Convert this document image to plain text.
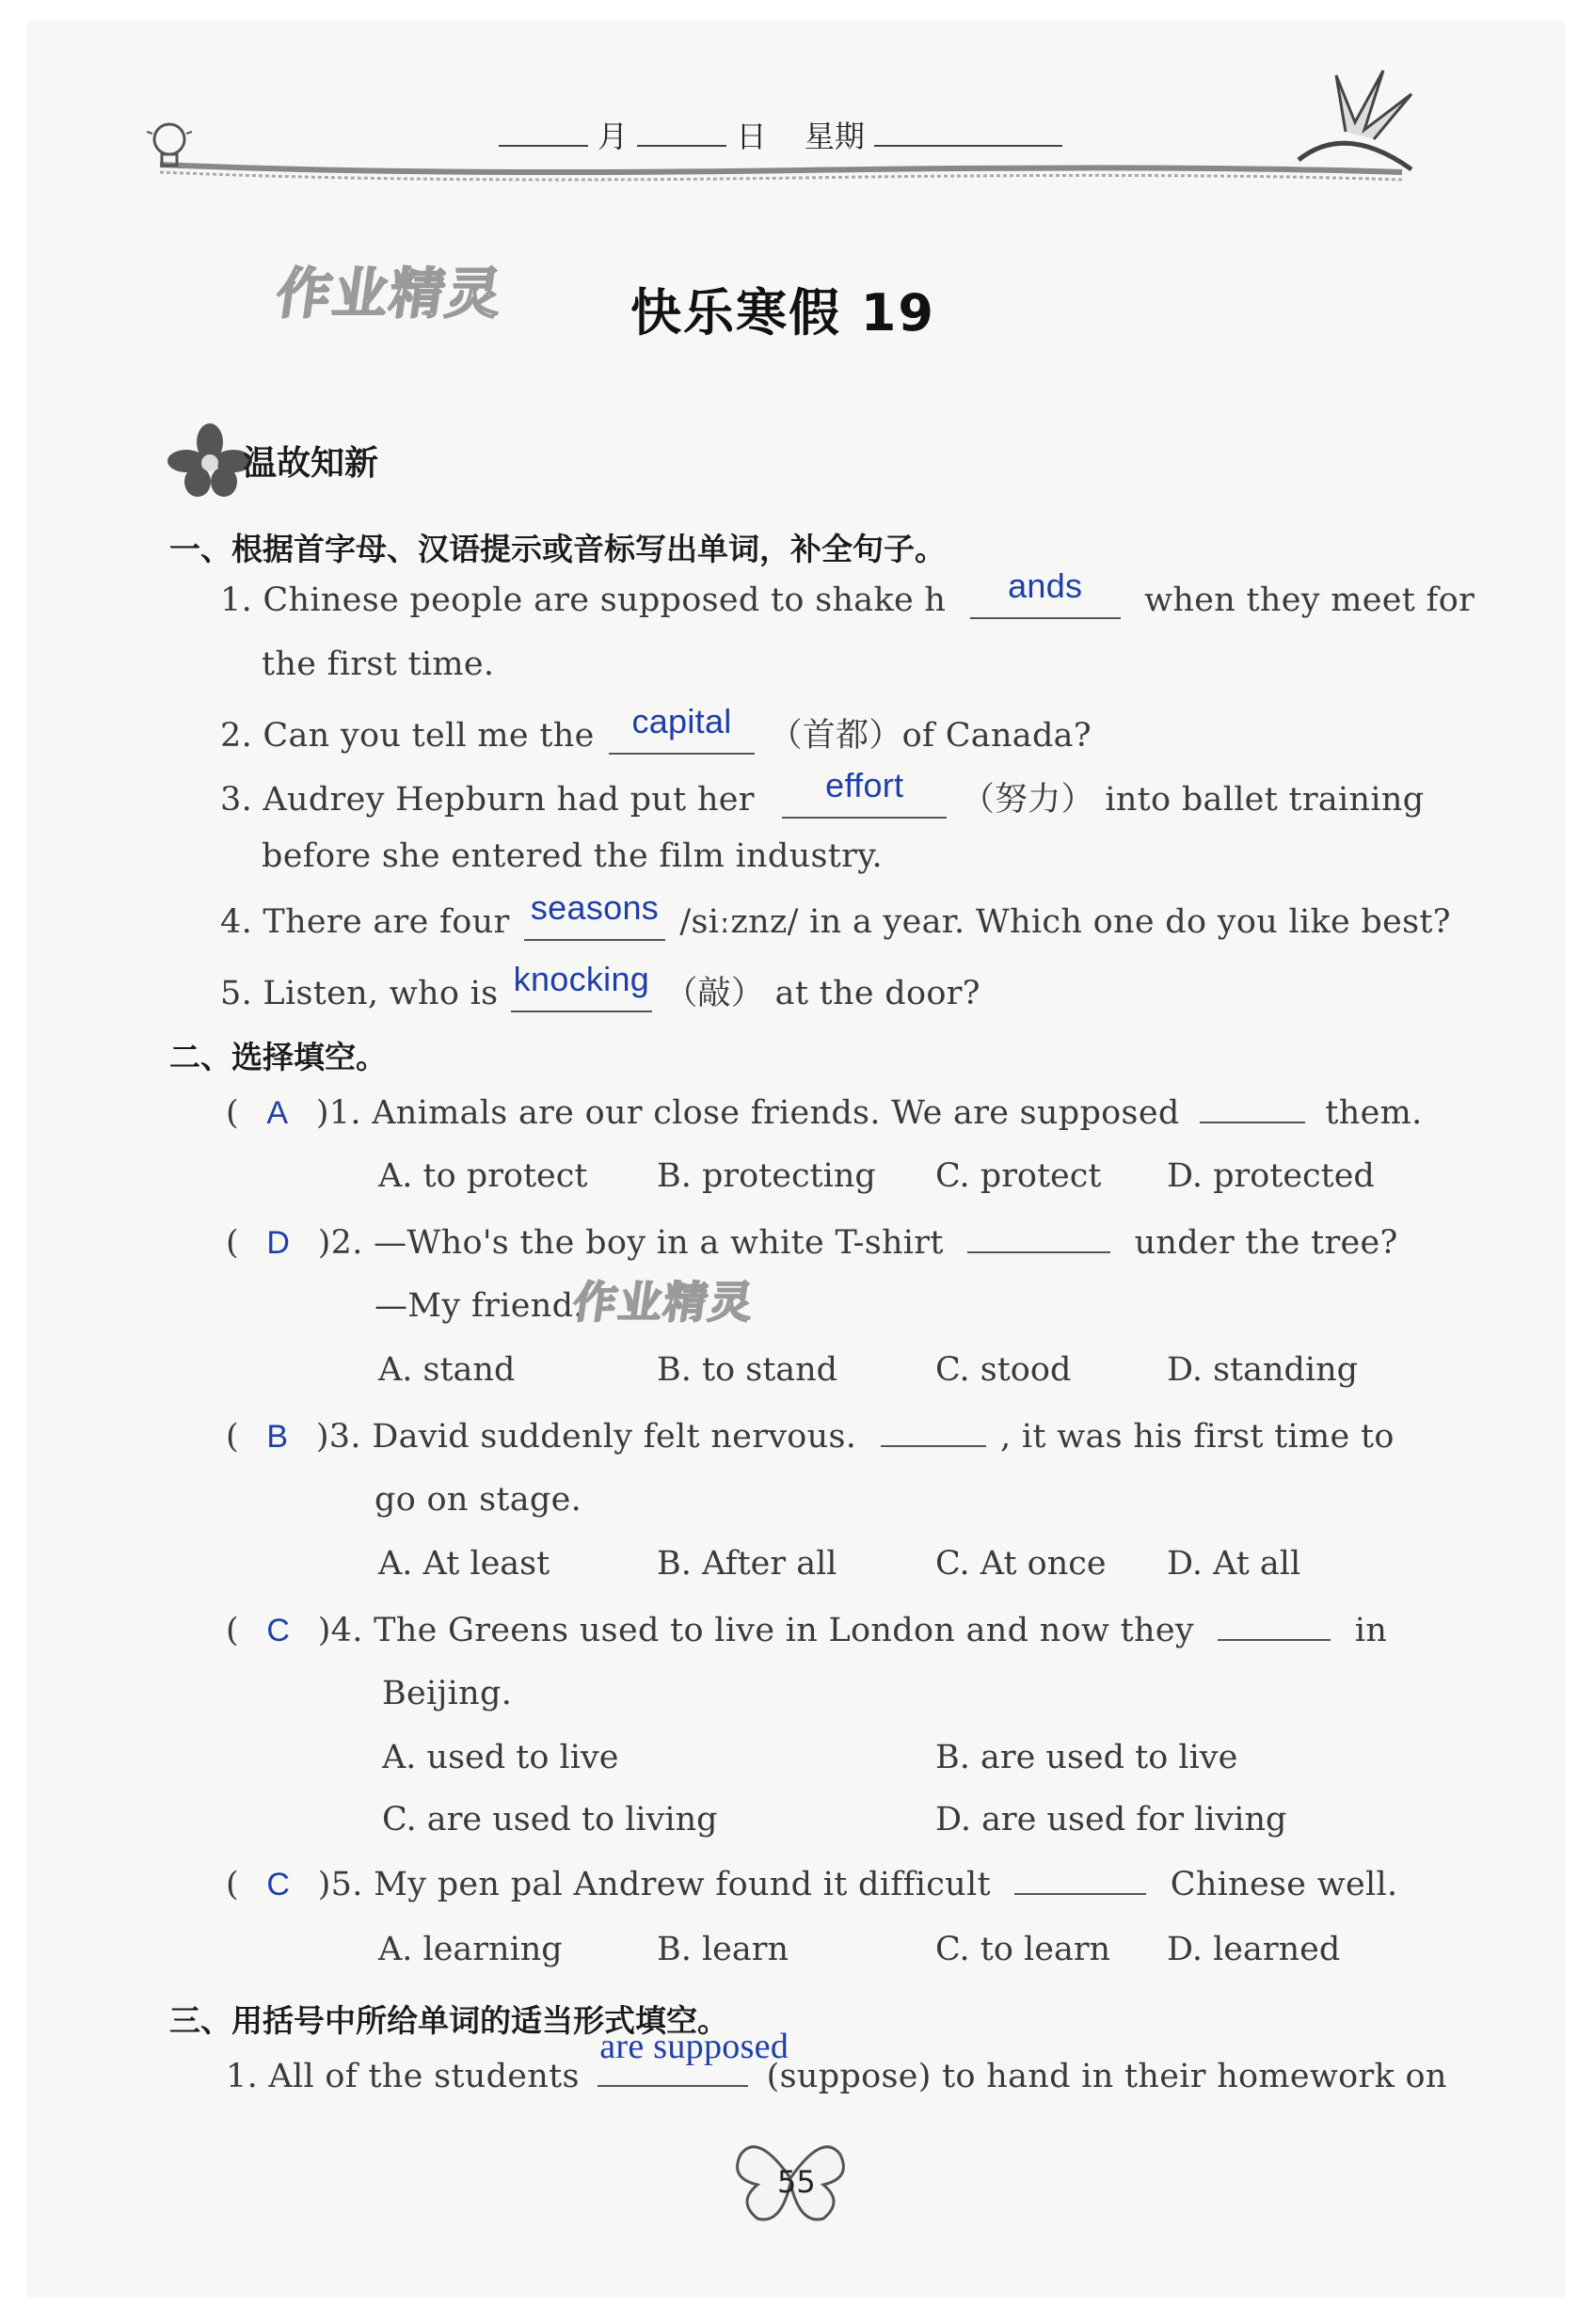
月	日 星期
作业精灵 快乐寒假 19
温故知新
一、根据首字母、汉语提示或音标写出单词，补全句子。
1. Chinese people are supposed to shake h ands when they meet for
the first time.
2. Can you tell me the capital （首都）of Canada?
3. Audrey Hepburn had put her effort （努力） into ballet training
before she entered the film industry.
4. There are four seasons /siːznz/ in a year. Which one do you like best?
5. Listen, who is knocking （敲） at the door?
二、选择填空。
( A )1. Animals are our close friends. We are supposed	them.
A. to protect B. protecting C. protect D. protected
( D )2. —Who's the boy in a white T-shirt	under the tree?
—My friend.
作业精灵
A. stand	B. to stand	C. stood	D. standing
( B )3. David suddenly felt nervous.	, it was his first time to
go on stage.
A. At least	B. After all	C. At once D. At all
( C )4. The Greens used to live in London and now they	in
Beijing.
A. used to live	B. are used to live
C. are used to living	D. are used for living
( C )5. My pen pal Andrew found it difficult	Chinese well.
A. learning	B. learn	C. to learn D. learned
三、用括号中所给单词的适当形式填空。
1. All of the students
are supposed
(suppose) to hand in their homework on
55
